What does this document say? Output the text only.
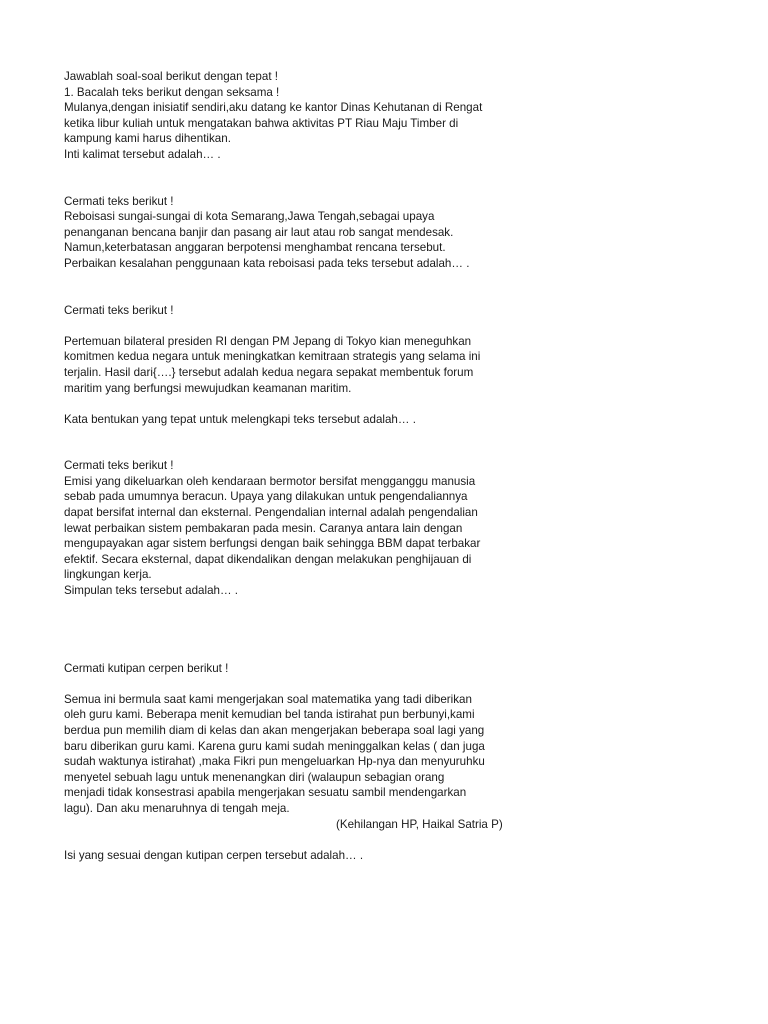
Jawablah soal-soal berikut dengan tepat !
1. Bacalah teks berikut dengan seksama !
Mulanya,dengan inisiatif sendiri,aku datang ke kantor Dinas Kehutanan di Rengat
ketika libur kuliah untuk mengatakan bahwa aktivitas PT Riau Maju Timber di
kampung kami harus dihentikan.
Inti kalimat tersebut adalah… .
Cermati teks berikut !
Reboisasi sungai-sungai di kota Semarang,Jawa Tengah,sebagai upaya
penanganan bencana banjir dan pasang air laut atau rob sangat mendesak.
Namun,keterbatasan anggaran berpotensi menghambat rencana tersebut.
Perbaikan kesalahan penggunaan kata reboisasi pada teks tersebut adalah… .
Cermati teks berikut !
Pertemuan bilateral presiden RI dengan PM Jepang di Tokyo kian meneguhkan
komitmen kedua negara untuk meningkatkan kemitraan strategis yang selama ini
terjalin. Hasil dari{….} tersebut adalah kedua negara sepakat membentuk forum
maritim yang berfungsi mewujudkan keamanan maritim.
Kata bentukan yang tepat untuk melengkapi teks tersebut adalah… .
Cermati teks berikut !
Emisi yang dikeluarkan oleh kendaraan bermotor bersifat mengganggu manusia
sebab pada umumnya beracun. Upaya yang dilakukan untuk pengendaliannya
dapat bersifat internal dan eksternal. Pengendalian internal adalah pengendalian
lewat perbaikan sistem pembakaran pada mesin. Caranya antara lain dengan
mengupayakan agar sistem berfungsi dengan baik sehingga BBM dapat terbakar
efektif. Secara eksternal, dapat dikendalikan dengan melakukan penghijauan di
lingkungan kerja.
Simpulan teks tersebut adalah… .
Cermati kutipan cerpen berikut !
Semua ini bermula saat kami mengerjakan soal matematika yang tadi diberikan
oleh guru kami. Beberapa menit kemudian bel tanda istirahat pun berbunyi,kami
berdua pun memilih diam di kelas dan akan mengerjakan beberapa soal lagi yang
baru diberikan guru kami. Karena guru kami sudah meninggalkan kelas ( dan juga
sudah waktunya istirahat) ,maka Fikri pun mengeluarkan Hp-nya dan menyuruhku
menyetel sebuah lagu untuk menenangkan diri (walaupun sebagian orang
menjadi tidak konsestrasi apabila mengerjakan sesuatu sambil mendengarkan
lagu). Dan aku menaruhnya di tengah meja.
(Kehilangan HP, Haikal Satria P)
Isi yang sesuai dengan kutipan cerpen tersebut adalah… .
